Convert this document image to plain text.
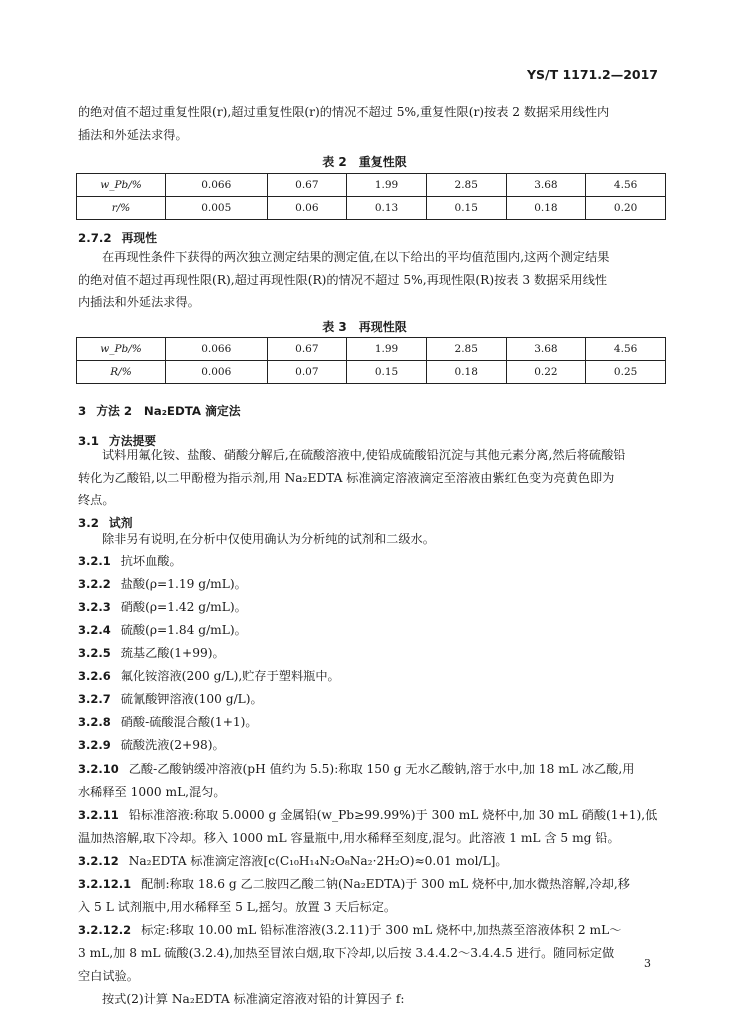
YS/T 1171.2—2017
的绝对值不超过重复性限(r),超过重复性限(r)的情况不超过 5%,重复性限(r)按表 2 数据采用线性内
插法和外延法求得。
表 2　重复性限
w_Pb/%	0.066	0.67	1.99	2.85	3.68	4.56
r/%	0.005	0.06	0.13	0.15	0.18	0.20
2.7.2 再现性
在再现性条件下获得的两次独立测定结果的测定值,在以下给出的平均值范围内,这两个测定结果
的绝对值不超过再现性限(R),超过再现性限(R)的情况不超过 5%,再现性限(R)按表 3 数据采用线性
内插法和外延法求得。
表 3　再现性限
w_Pb/%	0.066	0.67	1.99	2.85	3.68	4.56
R/%	0.006	0.07	0.15	0.18	0.22	0.25
3 方法 2　Na₂EDTA 滴定法
3.1 方法提要
试料用氟化铵、盐酸、硝酸分解后,在硫酸溶液中,使铅成硫酸铅沉淀与其他元素分离,然后将硫酸铅
转化为乙酸铅,以二甲酚橙为指示剂,用 Na₂EDTA 标准滴定溶液滴定至溶液由紫红色变为亮黄色即为
终点。
3.2 试剂
除非另有说明,在分析中仅使用确认为分析纯的试剂和二级水。
3.2.1 抗坏血酸。
3.2.2 盐酸(ρ=1.19 g/mL)。
3.2.3 硝酸(ρ=1.42 g/mL)。
3.2.4 硫酸(ρ=1.84 g/mL)。
3.2.5 巯基乙酸(1+99)。
3.2.6 氟化铵溶液(200 g/L),贮存于塑料瓶中。
3.2.7 硫氰酸钾溶液(100 g/L)。
3.2.8 硝酸-硫酸混合酸(1+1)。
3.2.9 硫酸洗液(2+98)。
3.2.10 乙酸-乙酸钠缓冲溶液(pH 值约为 5.5):称取 150 g 无水乙酸钠,溶于水中,加 18 mL 冰乙酸,用
水稀释至 1000 mL,混匀。
3.2.11 铅标准溶液:称取 5.0000 g 金属铅(w_Pb≥99.99%)于 300 mL 烧杯中,加 30 mL 硝酸(1+1),低
温加热溶解,取下冷却。移入 1000 mL 容量瓶中,用水稀释至刻度,混匀。此溶液 1 mL 含 5 mg 铅。
3.2.12 Na₂EDTA 标准滴定溶液[c(C₁₀H₁₄N₂O₈Na₂·2H₂O)≈0.01 mol/L]。
3.2.12.1 配制:称取 18.6 g 乙二胺四乙酸二钠(Na₂EDTA)于 300 mL 烧杯中,加水微热溶解,冷却,移
入 5 L 试剂瓶中,用水稀释至 5 L,摇匀。放置 3 天后标定。
3.2.12.2 标定:移取 10.00 mL 铅标准溶液(3.2.11)于 300 mL 烧杯中,加热蒸至溶液体积 2 mL～
3 mL,加 8 mL 硫酸(3.2.4),加热至冒浓白烟,取下冷却,以后按 3.4.4.2～3.4.4.5 进行。随同标定做
空白试验。
按式(2)计算 Na₂EDTA 标准滴定溶液对铅的计算因子 f:
3
